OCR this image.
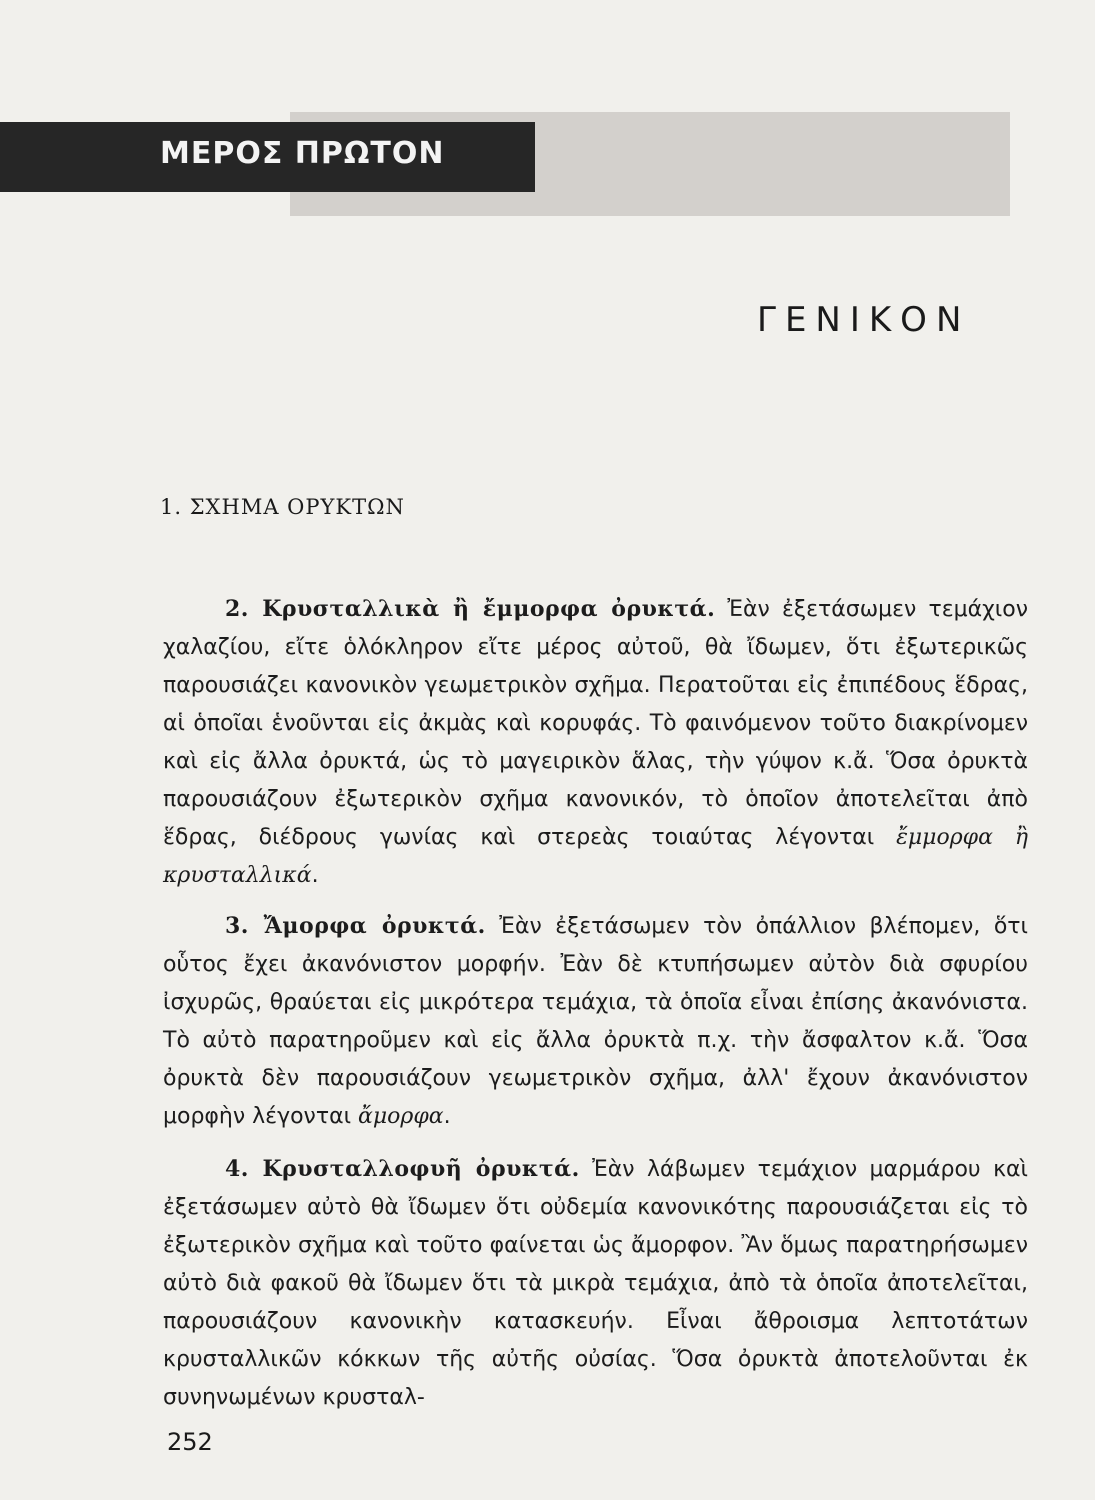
ΜΕΡΟΣ ΠΡΩΤΟΝ
ΓΕΝΙΚΟΝ
1. ΣΧΗΜΑ ΟΡΥΚΤΩΝ

2. Κρυσταλλικὰ ἢ ἔμμορφα ὀρυκτά. Ἐὰν ἐξετάσωμεν τεμάχιον χαλαζίου, εἴτε ὁλόκληρον εἴτε μέρος αὐτοῦ, θὰ ἴδωμεν, ὅτι ἐξωτερικῶς παρουσιάζει κανονικὸν γεωμετρικὸν σχῆμα. Περατοῦται εἰς ἐπιπέδους ἕδρας, αἱ ὁποῖαι ἑνοῦνται εἰς ἀκμὰς καὶ κορυφάς. Τὸ φαινόμενον τοῦτο διακρίνομεν καὶ εἰς ἄλλα ὀρυκτά, ὡς τὸ μαγειρικὸν ἅλας, τὴν γύψον κ.ἄ. Ὅσα ὀρυκτὰ παρουσιάζουν ἐξωτερικὸν σχῆμα κανονικόν, τὸ ὁποῖον ἀποτελεῖται ἀπὸ ἕδρας, διέδρους γωνίας καὶ στερεὰς τοιαύτας λέγονται ἔμμορφα ἢ κρυσταλλικά.

3. Ἄμορφα ὀρυκτά. Ἐὰν ἐξετάσωμεν τὸν ὀπάλλιον βλέπομεν, ὅτι οὗτος ἔχει ἀκανόνιστον μορφήν. Ἐὰν δὲ κτυπήσωμεν αὐτὸν διὰ σφυρίου ἰσχυρῶς, θραύεται εἰς μικρότερα τεμάχια, τὰ ὁποῖα εἶναι ἐπίσης ἀκανόνιστα. Τὸ αὐτὸ παρατηροῦμεν καὶ εἰς ἄλλα ὀρυκτὰ π.χ. τὴν ἄσφαλτον κ.ἄ. Ὅσα ὀρυκτὰ δὲν παρουσιάζουν γεωμετρικὸν σχῆμα, ἀλλ' ἔχουν ἀκανόνιστον μορφὴν λέγονται ἄμορφα.

4. Κρυσταλλοφυῆ ὀρυκτά. Ἐὰν λάβωμεν τεμάχιον μαρμάρου καὶ ἐξετάσωμεν αὐτὸ θὰ ἴδωμεν ὅτι οὐδεμία κανονικότης παρουσιάζεται εἰς τὸ ἐξωτερικὸν σχῆμα καὶ τοῦτο φαίνεται ὡς ἄμορφον. Ἂν ὅμως παρατηρήσωμεν αὐτὸ διὰ φακοῦ θὰ ἴδωμεν ὅτι τὰ μικρὰ τεμάχια, ἀπὸ τὰ ὁποῖα ἀποτελεῖται, παρουσιάζουν κανονικὴν κατασκευήν. Εἶναι ἄθροισμα λεπτοτάτων κρυσταλλικῶν κόκκων τῆς αὐτῆς οὐσίας. Ὅσα ὀρυκτὰ ἀποτελοῦνται ἐκ συνηνωμένων κρυσταλ-

252
